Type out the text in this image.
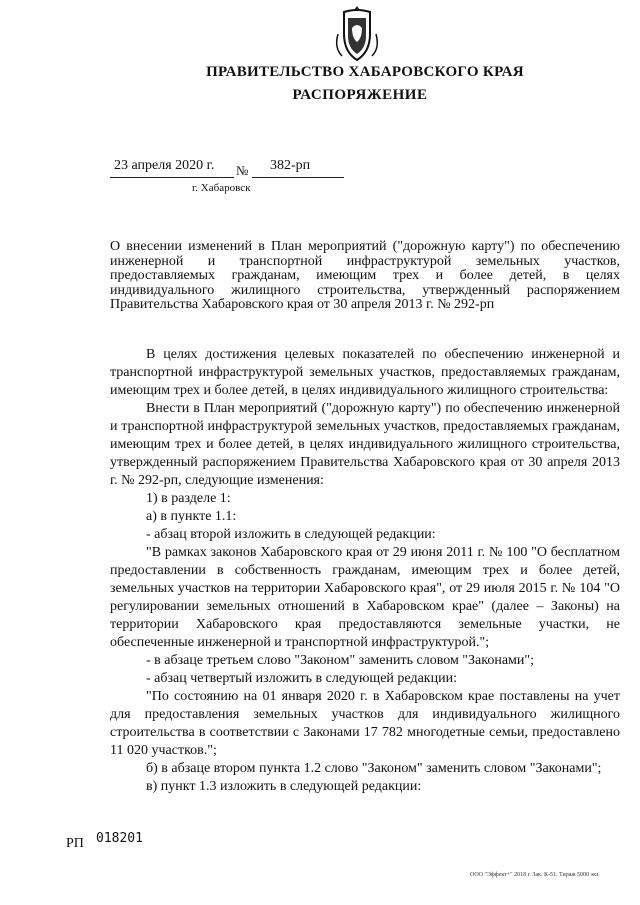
ПРАВИТЕЛЬСТВО ХАБАРОВСКОГО КРАЯ
РАСПОРЯЖЕНИЕ
23 апреля 2020 г. № 382-рп
г. Хабаровск
О внесении изменений в План мероприятий ("дорожную карту") по обеспечению инженерной и транспортной инфраструктурой земельных участков, предоставляемых гражданам, имеющим трех и более детей, в целях индивидуального жилищного строительства, утвержденный распоряжением Правительства Хабаровского края от 30 апреля 2013 г. № 292-рп

В целях достижения целевых показателей по обеспечению инженерной и транспортной инфраструктурой земельных участков, предоставляемых гражданам, имеющим трех и более детей, в целях индивидуального жилищного строительства:

Внести в План мероприятий ("дорожную карту") по обеспечению инженерной и транспортной инфраструктурой земельных участков, предоставляемых гражданам, имеющим трех и более детей, в целях индивидуального жилищного строительства, утвержденный распоряжением Правительства Хабаровского края от 30 апреля 2013 г. № 292-рп, следующие изменения:

1) в разделе 1:

а) в пункте 1.1:

- абзац второй изложить в следующей редакции:

"В рамках законов Хабаровского края от 29 июня 2011 г. № 100 "О бесплатном предоставлении в собственность гражданам, имеющим трех и более детей, земельных участков на территории Хабаровского края", от 29 июля 2015 г. № 104 "О регулировании земельных отношений в Хабаровском крае" (далее – Законы) на территории Хабаровского края предоставляются земельные участки, не обеспеченные инженерной и транспортной инфраструктурой.";

- в абзаце третьем слово "Законом" заменить словом "Законами";

- абзац четвертый изложить в следующей редакции:

"По состоянию на 01 января 2020 г. в Хабаровском крае поставлены на учет для предоставления земельных участков для индивидуального жилищного строительства в соответствии с Законами 17 782 многодетные семьи, предоставлено 11 020 участков.";

б) в абзаце втором пункта 1.2 слово "Законом" заменить словом "Законами";

в) пункт 1.3 изложить в следующей редакции:

РП 018201
ООО "Эффект+" 2018 г. Зак. К-51. Тираж 5000 экз.
